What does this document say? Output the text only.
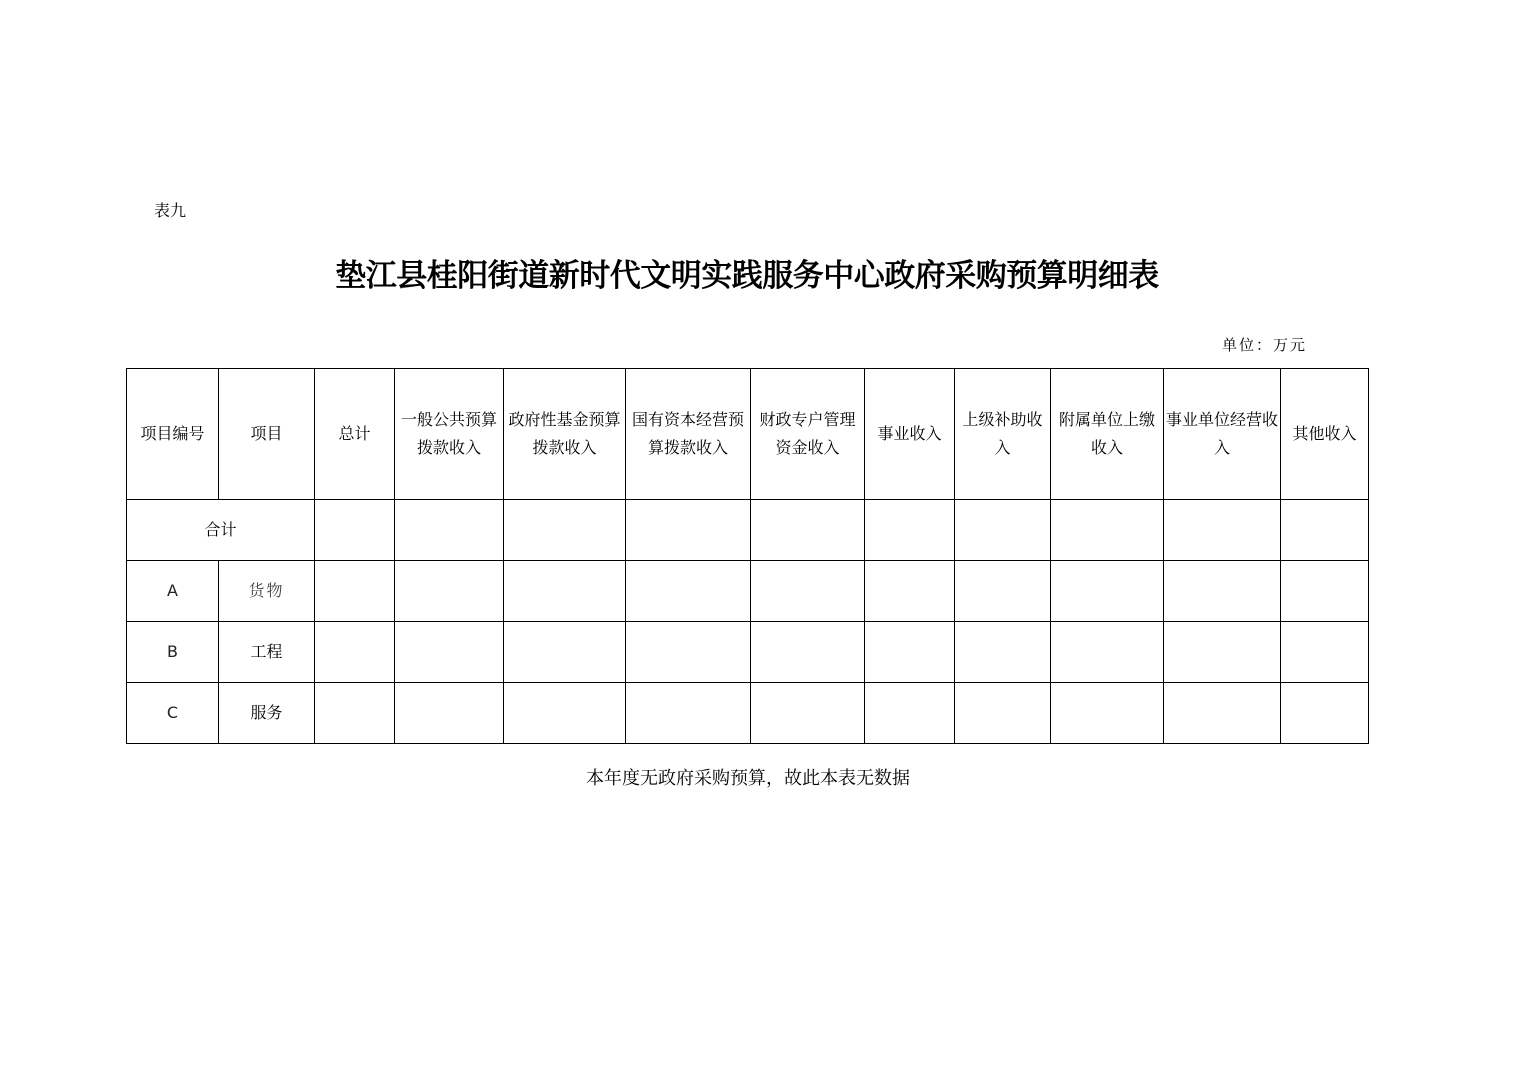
表九
垫江县桂阳街道新时代文明实践服务中心政府采购预算明细表
单位：万元
项目编号	项目	总计	一般公共预算拨款收入	政府性基金预算拨款收入	国有资本经营预算拨款收入	财政专户管理资金收入	事业收入	上级补助收入	附属单位上缴收入	事业单位经营收入	其他收入
合计											
A	货物										
B	工程										
C	服务										
本年度无政府采购预算，故此本表无数据
